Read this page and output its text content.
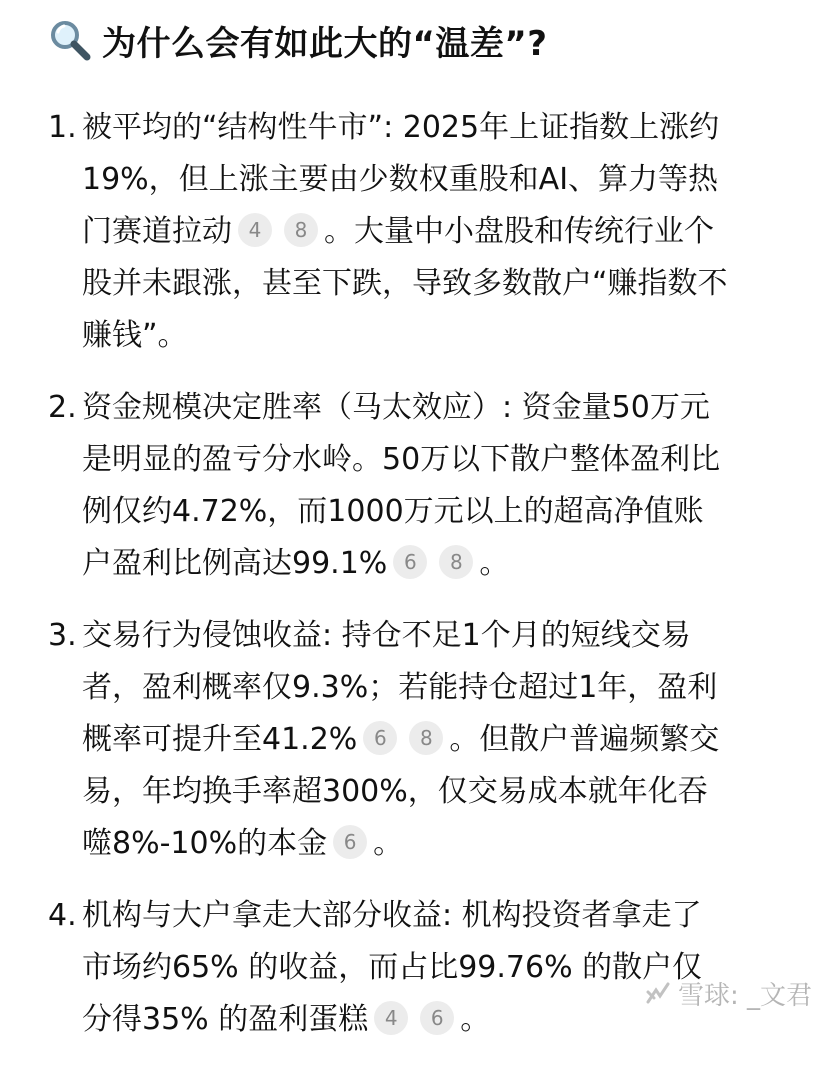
为什么会有如此大的“温差”?
1. 被平均的“结构性牛市”: 2025年上证指数上涨约
19%，但上涨主要由少数权重股和AI、算力等热
门赛道拉动 4 8 。大量中小盘股和传统行业个
股并未跟涨，甚至下跌，导致多数散户“赚指数不
赚钱”。
2. 资金规模决定胜率（马太效应）: 资金量50万元
是明显的盈亏分水岭。50万以下散户整体盈利比
例仅约4.72%，而1000万元以上的超高净值账
户盈利比例高达99.1% 6 8 。
3. 交易行为侵蚀收益: 持仓不足1个月的短线交易
者，盈利概率仅9.3%；若能持仓超过1年，盈利
概率可提升至41.2% 6 8 。但散户普遍频繁交
易，年均换手率超300%，仅交易成本就年化吞
噬8%-10%的本金 6 。
4. 机构与大户拿走大部分收益: 机构投资者拿走了
市场约65% 的收益，而占比99.76% 的散户仅
分得35% 的盈利蛋糕 4 6 。
雪球: _文君
